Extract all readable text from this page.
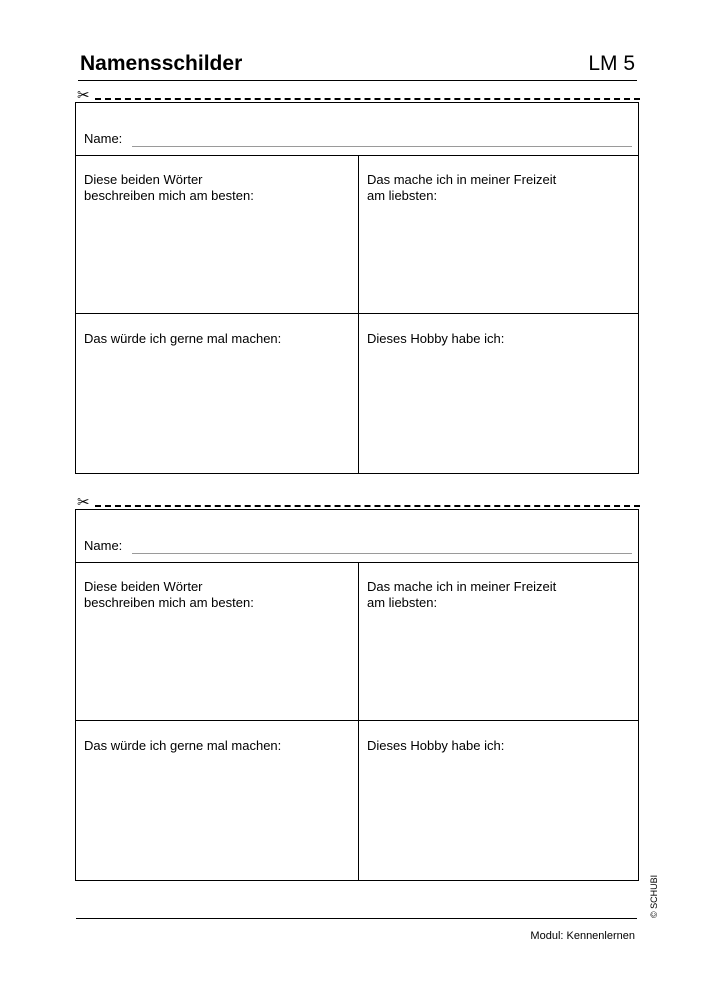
Namensschilder	LM 5
✂
Name:
Diese beiden Wörter
beschreiben mich am besten:
Das mache ich in meiner Freizeit
am liebsten:
Das würde ich gerne mal machen:	Dieses Hobby habe ich:
✂
Name:
Diese beiden Wörter
beschreiben mich am besten:
Das mache ich in meiner Freizeit
am liebsten:
Das würde ich gerne mal machen:	Dieses Hobby habe ich:
© SCHUBI
Modul: Kennenlernen
